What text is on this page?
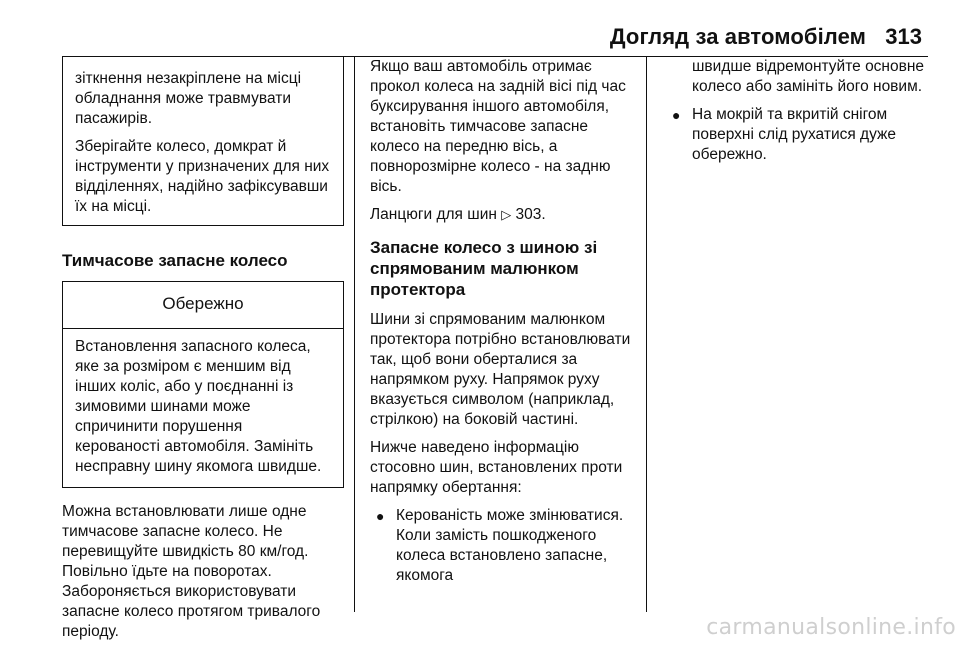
Догляд за автомобілем 313

зіткнення незакріплене на місці обладнання може травмувати пасажирів.

Зберігайте колесо, домкрат й інструменти у призначених для них відділеннях, надійно зафіксувавши їх на місці.

Тимчасове запасне колесо
Обережно

Встановлення запасного колеса, яке за розміром є меншим від інших коліс, або у поєднанні із зимовими шинами може спричинити порушення керованості автомобіля. Замініть несправну шину якомога швидше.

Можна встановлювати лише одне тимчасове запасне колесо. Не перевищуйте швидкість 80 км/год. Повільно їдьте на поворотах. Забороняється використовувати запасне колесо протягом тривалого періоду.

Якщо ваш автомобіль отримає прокол колеса на задній вісі під час буксирування іншого автомобіля, встановіть тимчасове запасне колесо на передню вісь, а повнорозмірне колесо - на задню вісь.

Ланцюги для шин ▷ 303.

Запасне колесо з шиною зі спрямованим малюнком протектора

Шини зі спрямованим малюнком протектора потрібно встановлювати так, щоб вони оберталися за напрямком руху. Напрямок руху вказується символом (наприклад, стрілкою) на боковій частині.

Нижче наведено інформацію стосовно шин, встановлених проти напрямку обертання:

● Керованість може змінюватися. Коли замість пошкодженого колеса встановлено запасне, якомога
швидше відремонтуйте основне колесо або замініть його новим.
● На мокрій та вкритій снігом поверхні слід рухатися дуже обережно.
carmanualsonline.info
